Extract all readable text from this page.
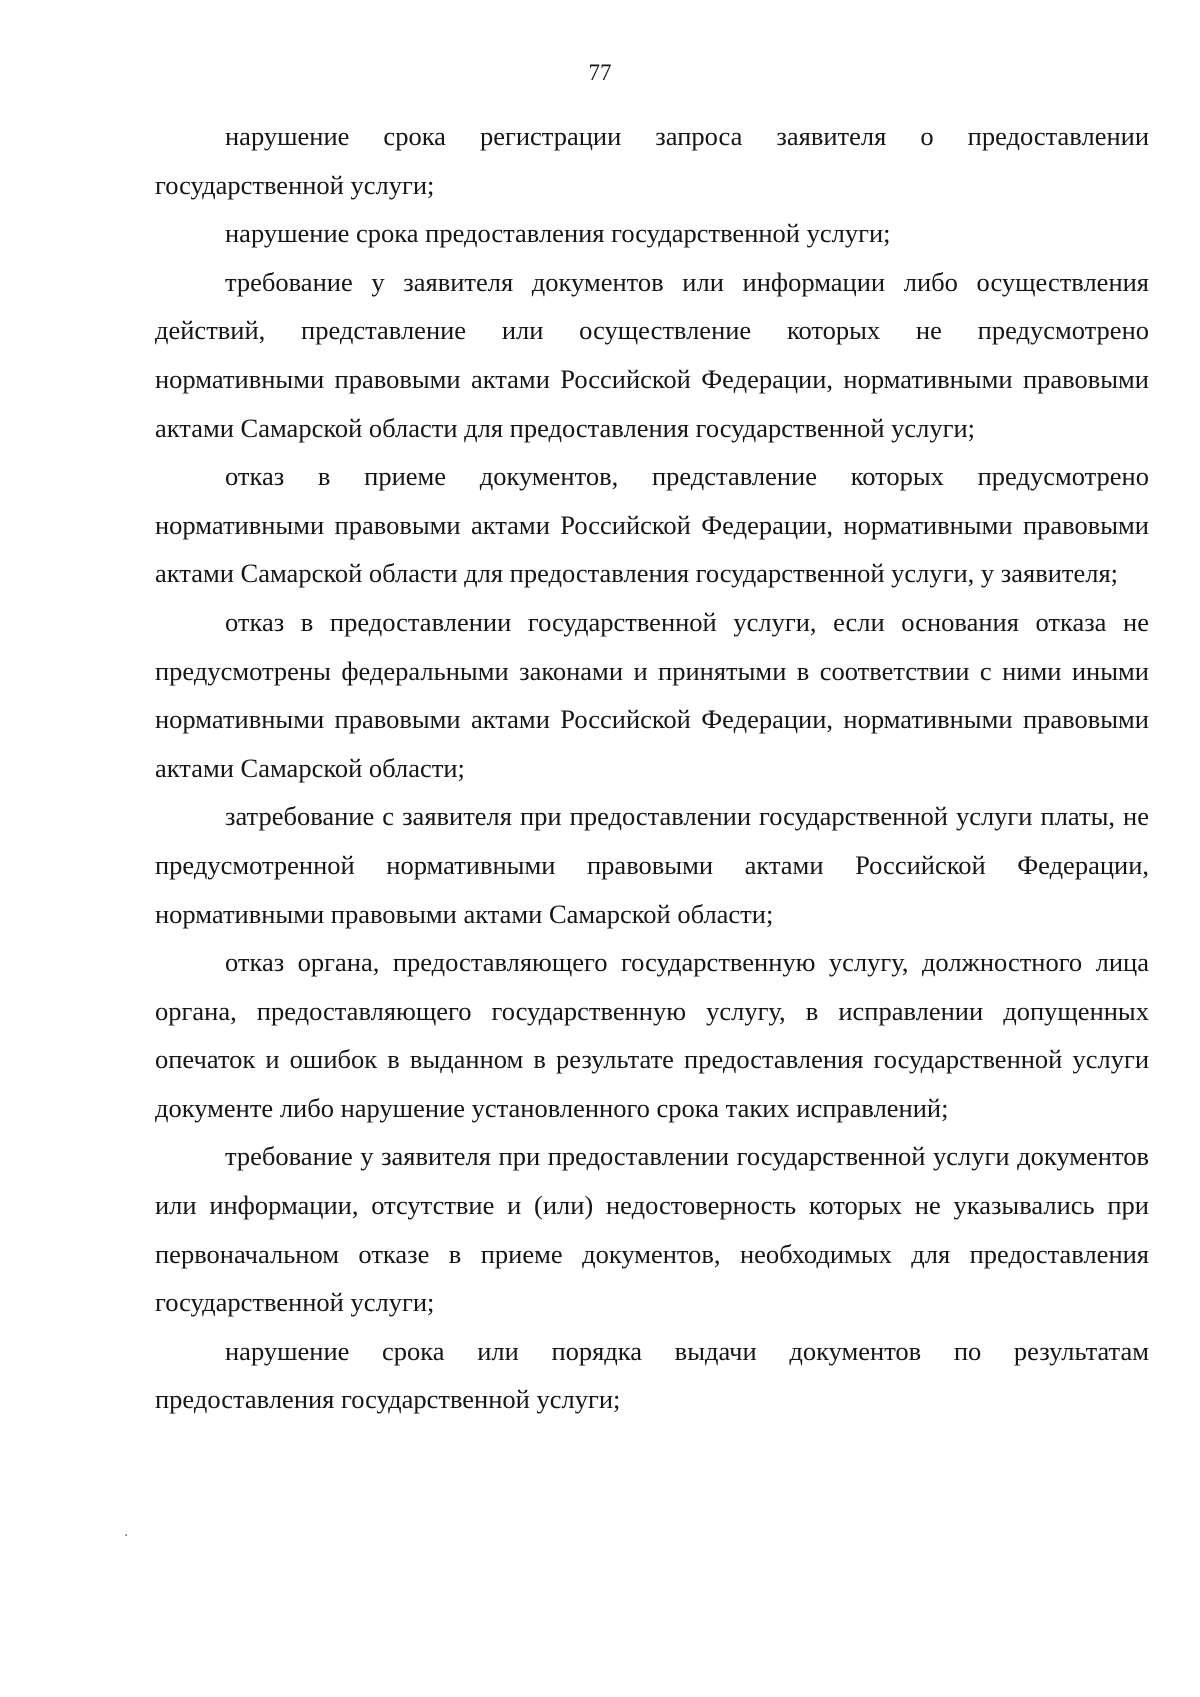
77

нарушение срока регистрации запроса заявителя о предоставлении государственной услуги;

нарушение срока предоставления государственной услуги;

требование у заявителя документов или информации либо осуществления действий, представление или осуществление которых не предусмотрено нормативными правовыми актами Российской Федерации, нормативными правовыми актами Самарской области для предоставления государственной услуги;

отказ в приеме документов, представление которых предусмотрено нормативными правовыми актами Российской Федерации, нормативными правовыми актами Самарской области для предоставления государственной услуги, у заявителя;

отказ в предоставлении государственной услуги, если основания отказа не предусмотрены федеральными законами и принятыми в соответствии с ними иными нормативными правовыми актами Российской Федерации, нормативными правовыми актами Самарской области;

затребование с заявителя при предоставлении государственной услуги платы, не предусмотренной нормативными правовыми актами Российской Федерации, нормативными правовыми актами Самарской области;

отказ органа, предоставляющего государственную услугу, должностного лица органа, предоставляющего государственную услугу, в исправлении допущенных опечаток и ошибок в выданном в результате предоставления государственной услуги документе либо нарушение установленного срока таких исправлений;

требование у заявителя при предоставлении государственной услуги документов или информации, отсутствие и (или) недостоверность которых не указывались при первоначальном отказе в приеме документов, необходимых для предоставления государственной услуги;

нарушение срока или порядка выдачи документов по результатам предоставления государственной услуги;
